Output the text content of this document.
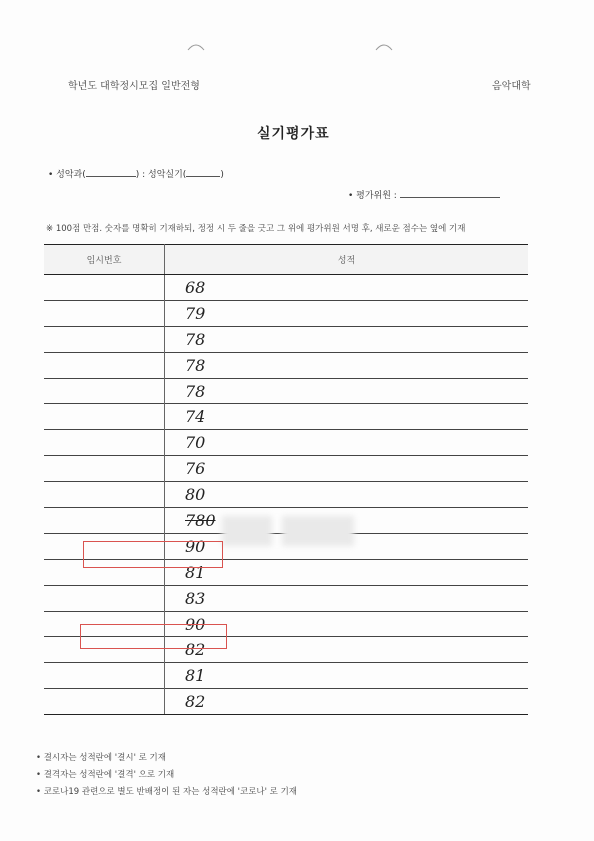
학년도 대학정시모집 일반전형	음악대학
실기평가표
• 성악과(	) : 성악실기(	)
• 평가위원 :
※ 100점 만점. 숫자를 명확히 기재하되, 정정 시 두 줄을 긋고 그 위에 평가위원 서명 후, 새로운 점수는 옆에 기재
임시번호	성적
	68
	79
	78
	78
	78
	74
	70
	76
	80
	780
	90
	81
	83
	90
	82
	81
	82
• 결시자는 성적란에 '결시' 로 기재
• 결격자는 성적란에 '결격' 으로 기재
• 코로나19 관련으로 별도 반배정이 된 자는 성적란에 '코로나' 로 기재
